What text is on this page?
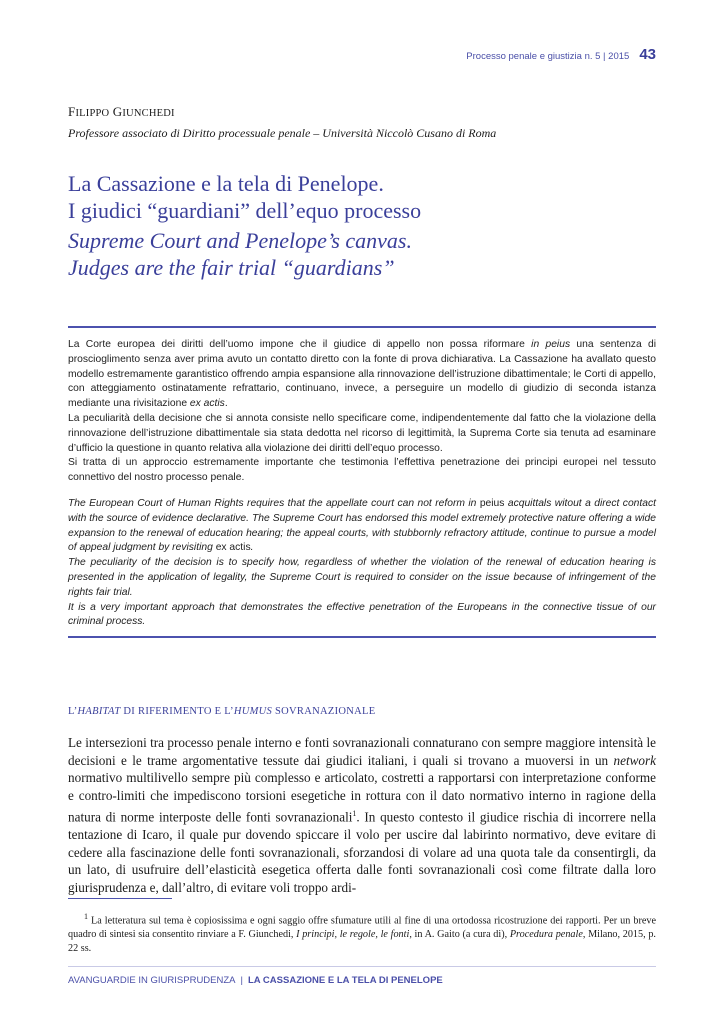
Processo penale e giustizia n. 5 | 2015 43
FILIPPO GIUNCHEDI
Professore associato di Diritto processuale penale – Università Niccolò Cusano di Roma
La Cassazione e la tela di Penelope.
I giudici “guardiani” dell’equo processo
Supreme Court and Penelope’s canvas.
Judges are the fair trial “guardians”

La Corte europea dei diritti dell’uomo impone che il giudice di appello non possa riformare in peius una sentenza di proscioglimento senza aver prima avuto un contatto diretto con la fonte di prova dichiarativa. La Cassazione ha avallato questo modello estremamente garantistico offrendo ampia espansione alla rinnovazione dell’istruzione dibattimentale; le Corti di appello, con atteggiamento ostinatamente refrattario, continuano, invece, a perseguire un modello di giudizio di seconda istanza mediante una rivisitazione ex actis.

La peculiarità della decisione che si annota consiste nello specificare come, indipendentemente dal fatto che la violazione della rinnovazione dell’istruzione dibattimentale sia stata dedotta nel ricorso di legittimità, la Suprema Corte sia tenuta ad esaminare d’ufficio la questione in quanto relativa alla violazione dei diritti dell’equo processo.

Si tratta di un approccio estremamente importante che testimonia l’effettiva penetrazione dei principi europei nel tessuto connettivo del nostro processo penale.

The European Court of Human Rights requires that the appellate court can not reform in peius acquittals witout a direct contact with the source of evidence declarative. The Supreme Court has endorsed this model extremely protective nature offering a wide expansion to the renewal of education hearing; the appeal courts, with stubbornly refractory attitude, continue to pursue a model of appeal judgment by revisiting ex actis.

The peculiarity of the decision is to specify how, regardless of whether the violation of the renewal of education hearing is presented in the application of legality, the Supreme Court is required to consider on the issue because of infringement of the rights fair trial.

It is a very important approach that demonstrates the effective penetration of the Europeans in the connective tissue of our criminal process.

L’HABITAT DI RIFERIMENTO E L’HUMUS SOVRANAZIONALE

Le intersezioni tra processo penale interno e fonti sovranazionali connaturano con sempre maggiore intensità le decisioni e le trame argomentative tessute dai giudici italiani, i quali si trovano a muoversi in un network normativo multilivello sempre più complesso e articolato, costretti a rapportarsi con interpretazione conforme e contro-limiti che impediscono torsioni esegetiche in rottura con il dato normativo interno in ragione della natura di norme interposte delle fonti sovranazionali$^1$. In questo contesto il giudice rischia di incorrere nella tentazione di Icaro, il quale pur dovendo spiccare il volo per uscire dal labirinto normativo, deve evitare di cedere alla fascinazione delle fonti sovranazionali, sforzandosi di volare ad una quota tale da consentirgli, da un lato, di usufruire dell’elasticità esegetica offerta dalle fonti sovranazionali così come filtrate dalla loro giurisprudenza e, dall’altro, di evitare voli troppo ardi-

$^1$ La letteratura sul tema è copiosissima e ogni saggio offre sfumature utili al fine di una ortodossa ricostruzione dei rapporti. Per un breve quadro di sintesi sia consentito rinviare a F. Giunchedi, I principi, le regole, le fonti, in A. Gaito (a cura di), Procedura penale, Milano, 2015, p. 22 ss.

AVANGUARDIE IN GIURISPRUDENZA | LA CASSAZIONE E LA TELA DI PENELOPE
